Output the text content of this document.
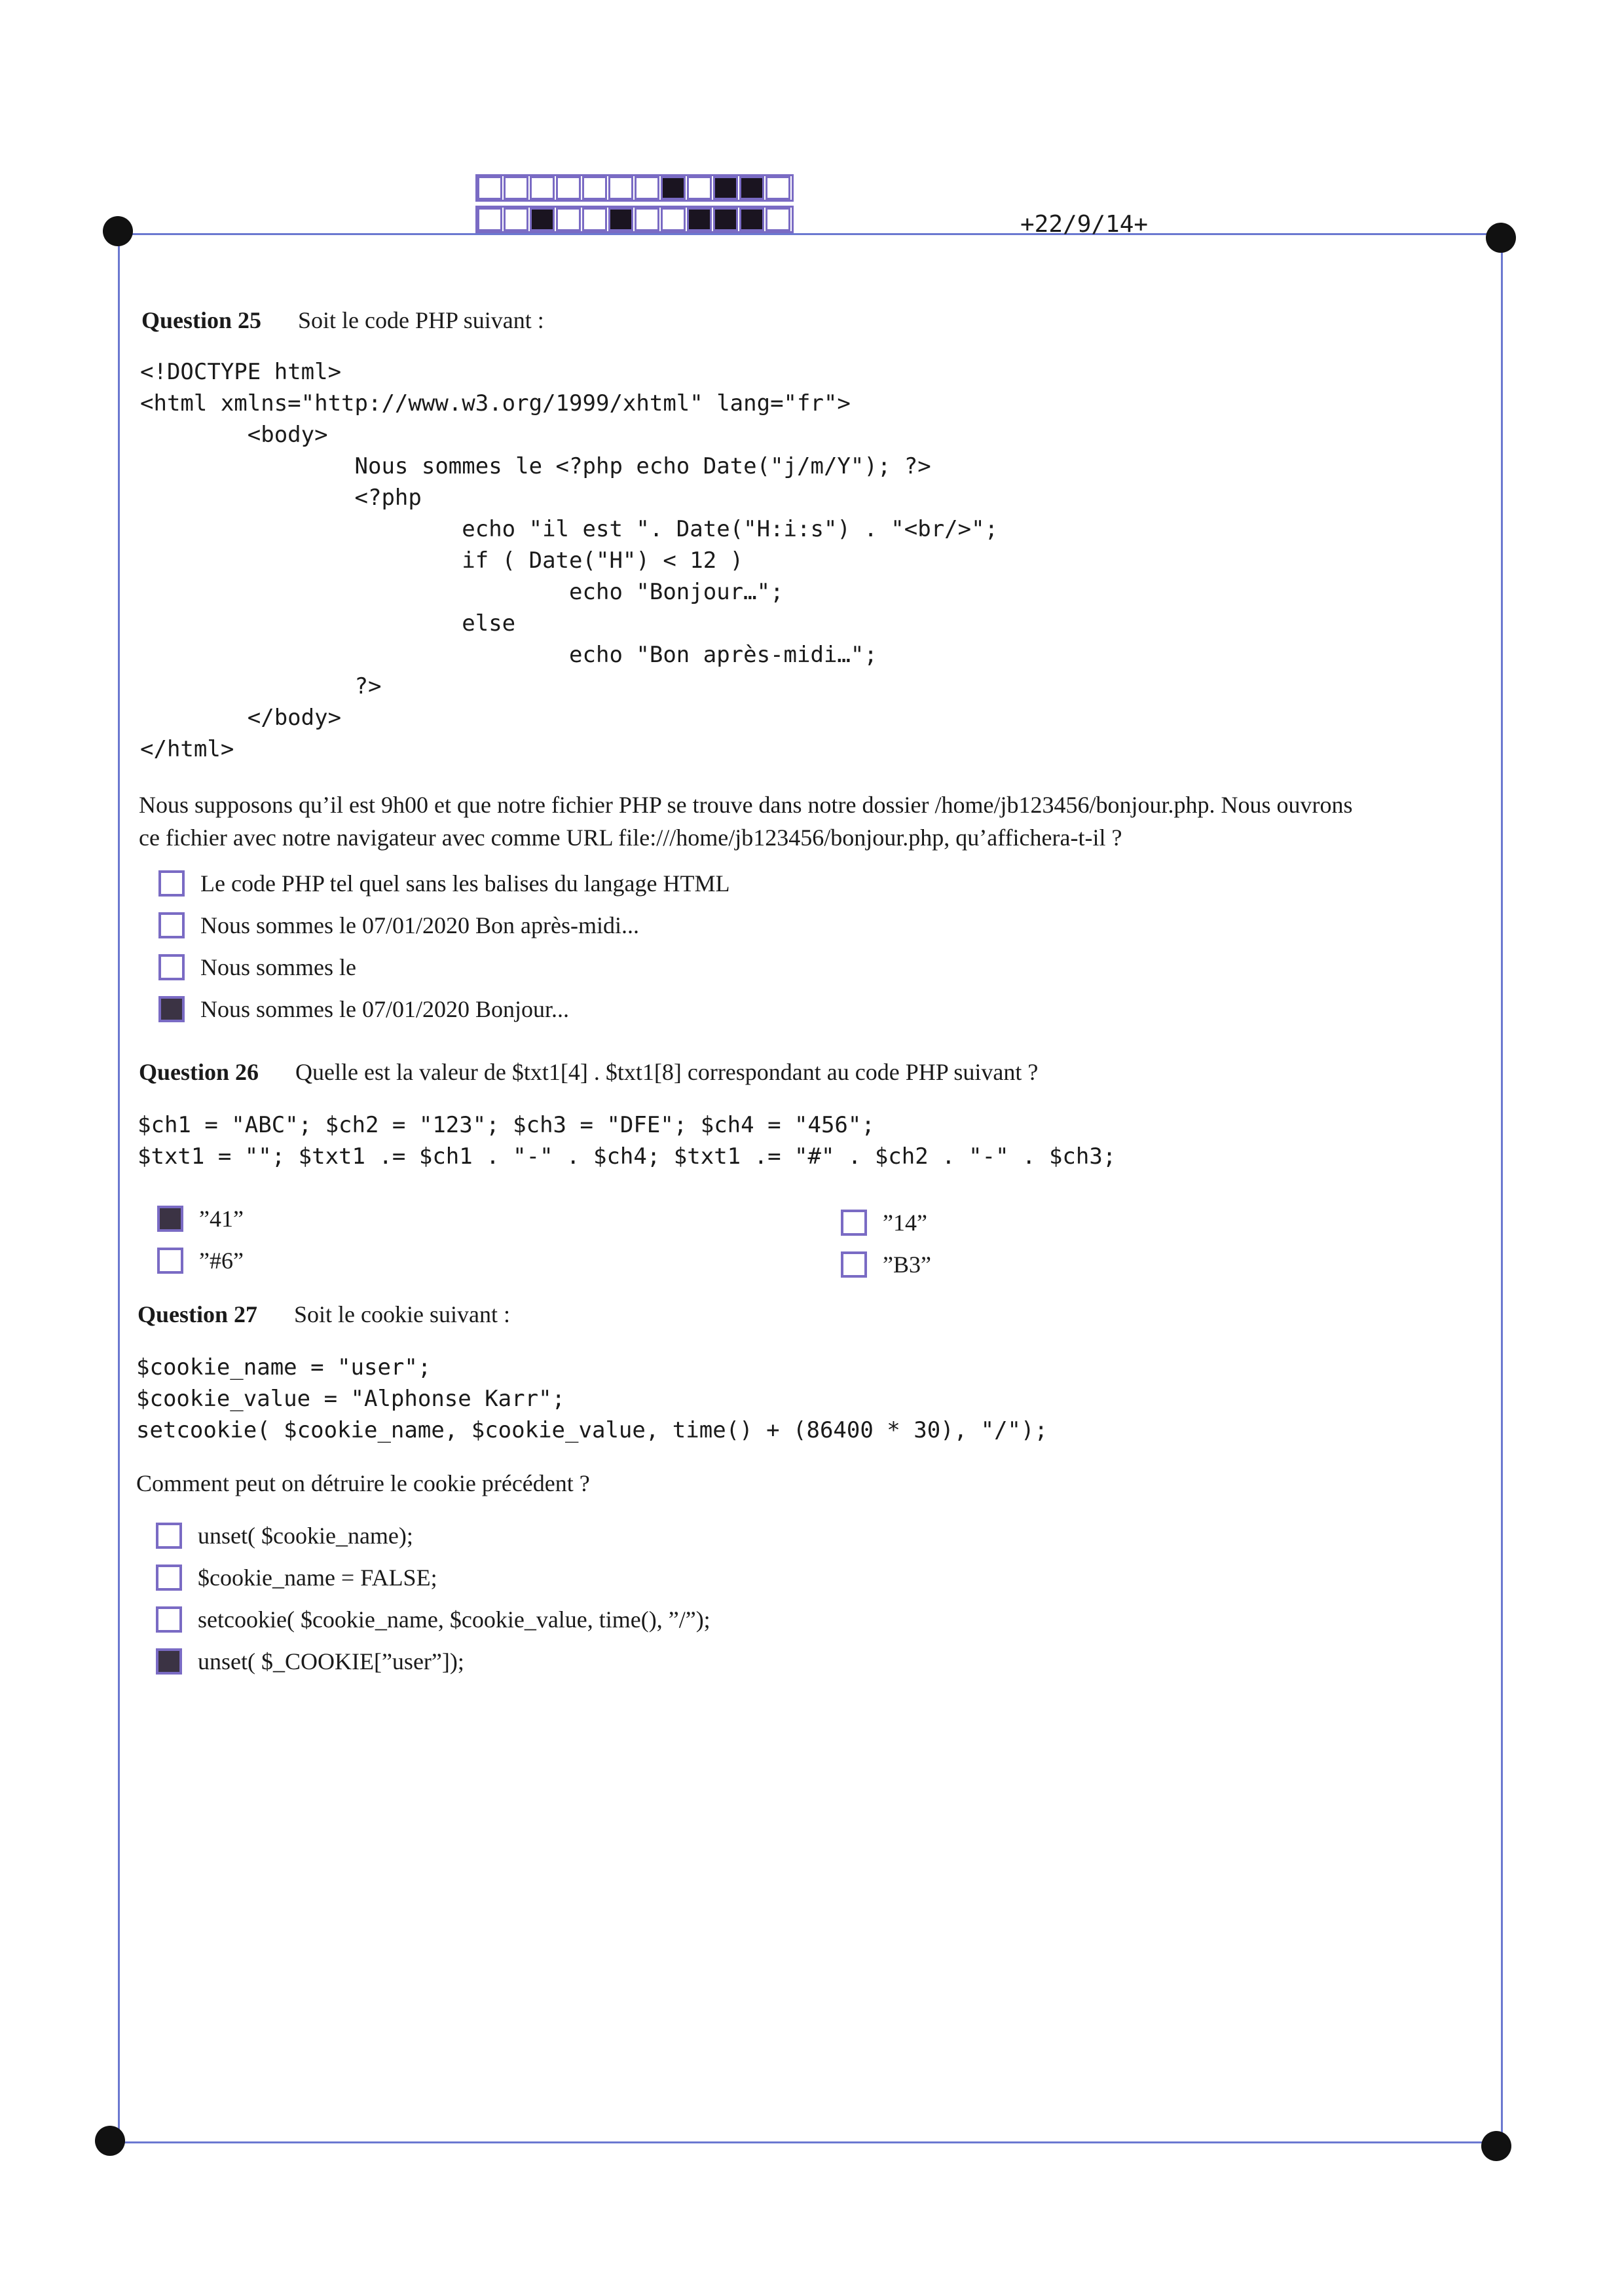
+22/9/14+
Question 25 Soit le code PHP suivant :
<!DOCTYPE html>
<html xmlns="http://www.w3.org/1999/xhtml" lang="fr">
<body>
Nous sommes le <?php echo Date("j/m/Y"); ?>
<?php
echo "il est ". Date("H:i:s") . "<br/>";
if ( Date("H") < 12 )
echo "Bonjour…";
else
echo "Bon après-midi…";
?>
</body>
</html>
Nous supposons qu’il est 9h00 et que notre fichier PHP se trouve dans notre dossier /home/jb123456/bonjour.php. Nous ouvrons
ce fichier avec notre navigateur avec comme URL file:///home/jb123456/bonjour.php, qu’affichera-t-il ?
Le code PHP tel quel sans les balises du langage HTML
Nous sommes le 07/01/2020 Bon après-midi...
Nous sommes le
Nous sommes le 07/01/2020 Bonjour...
Question 26 Quelle est la valeur de $txt1[4] . $txt1[8] correspondant au code PHP suivant ?
$ch1 = "ABC"; $ch2 = "123"; $ch3 = "DFE"; $ch4 = "456";
$txt1 = ""; $txt1 .= $ch1 . "-" . $ch4; $txt1 .= "#" . $ch2 . "-" . $ch3;
”41”	”14”
”#6”	”B3”
Question 27 Soit le cookie suivant :
$cookie_name = "user";
$cookie_value = "Alphonse Karr";
setcookie( $cookie_name, $cookie_value, time() + (86400 * 30), "/");
Comment peut on détruire le cookie précédent ?
unset( $cookie_name);
$cookie_name = FALSE;
setcookie( $cookie_name, $cookie_value, time(), ”/”);
unset( $_COOKIE[”user”]);
